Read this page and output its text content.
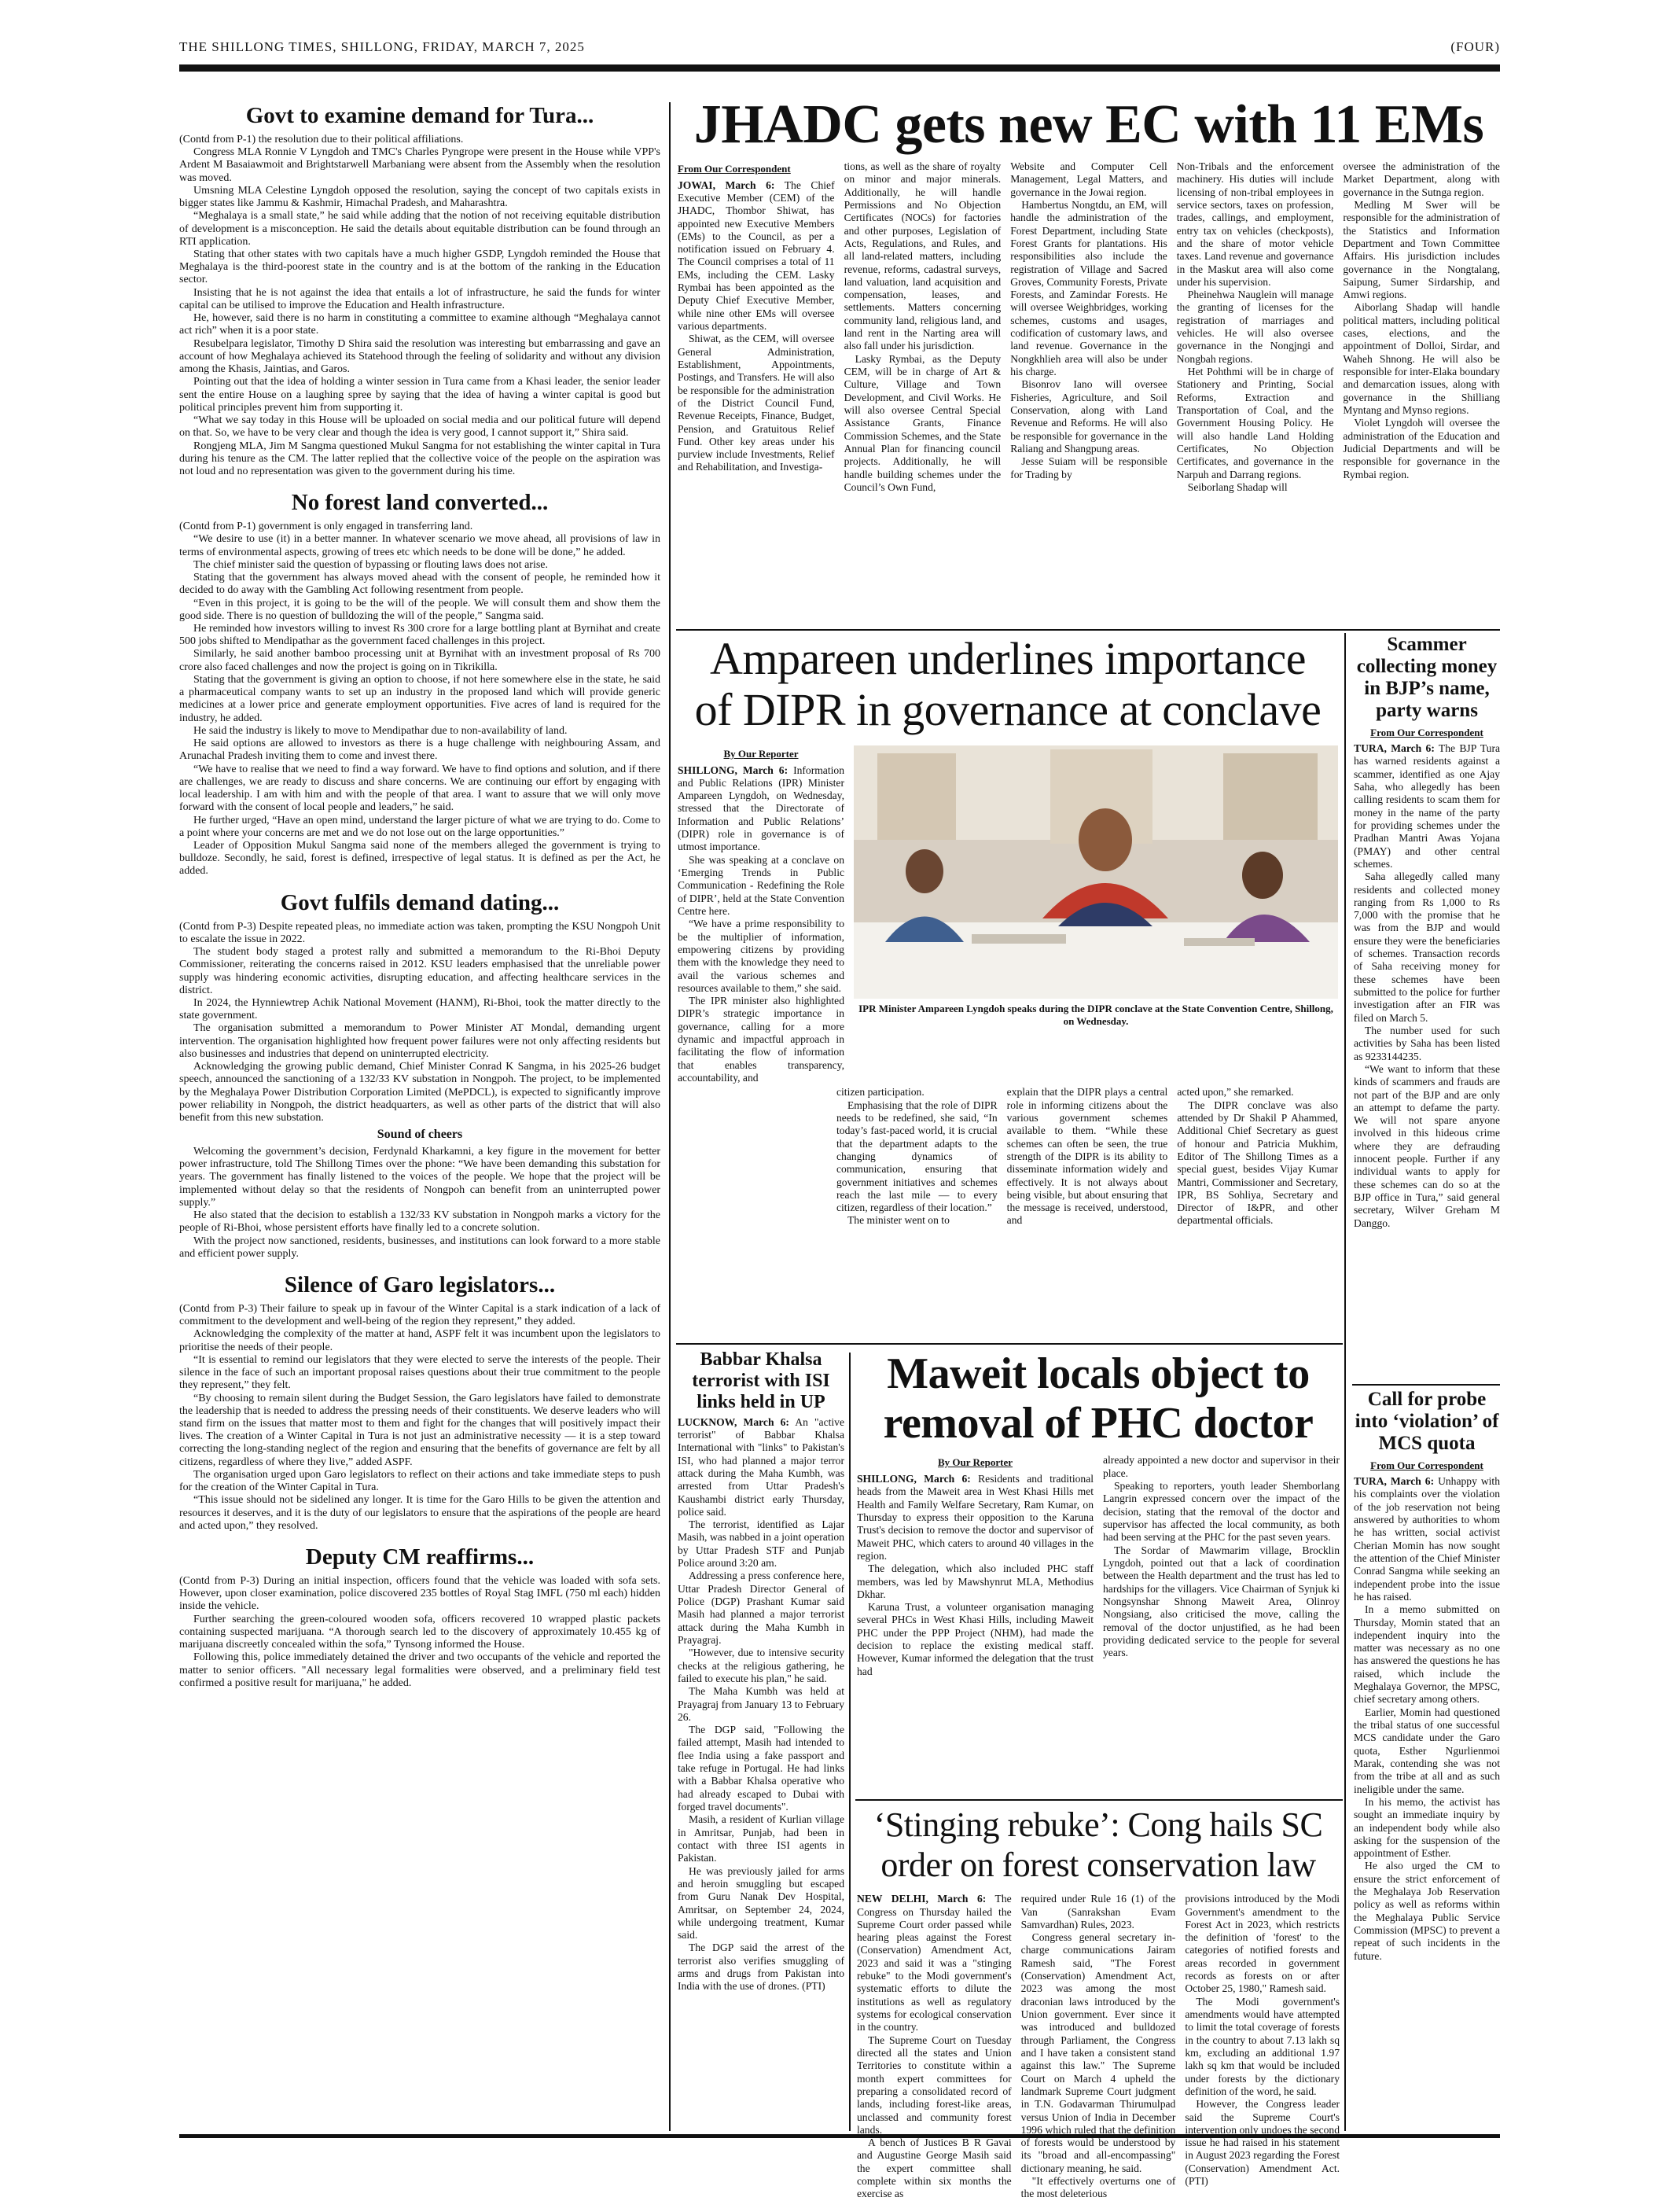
THE SHILLONG TIMES, SHILLONG, FRIDAY, MARCH 7, 2025	(FOUR)
Govt to examine demand for Tura...

(Contd from P-1) the resolution due to their political affiliations.

Congress MLA Ronnie V Lyngdoh and TMC's Charles Pyngrope were present in the House while VPP's Ardent M Basaiawmoit and Brightstarwell Marbaniang were absent from the Assembly when the resolution was moved.

Umsning MLA Celestine Lyngdoh opposed the resolution, saying the concept of two capitals exists in bigger states like Jammu & Kashmir, Himachal Pradesh, and Maharashtra.

“Meghalaya is a small state,” he said while adding that the notion of not receiving equitable distribution of development is a misconception. He said the details about equitable distribution can be found through an RTI application.

Stating that other states with two capitals have a much higher GSDP, Lyngdoh reminded the House that Meghalaya is the third-poorest state in the country and is at the bottom of the ranking in the Education sector.

Insisting that he is not against the idea that entails a lot of infrastructure, he said the funds for winter capital can be utilised to improve the Education and Health infrastructure.

He, however, said there is no harm in constituting a committee to examine although “Meghalaya cannot act rich” when it is a poor state.

Resubelpara legislator, Timothy D Shira said the resolution was interesting but embarrassing and gave an account of how Meghalaya achieved its Statehood through the feeling of solidarity and without any division among the Khasis, Jaintias, and Garos.

Pointing out that the idea of holding a winter session in Tura came from a Khasi leader, the senior leader sent the entire House on a laughing spree by saying that the idea of having a winter capital is good but political principles prevent him from supporting it.

“What we say today in this House will be uploaded on social media and our political future will depend on that. So, we have to be very clear and though the idea is very good, I cannot support it,” Shira said.

Rongjeng MLA, Jim M Sangma questioned Mukul Sangma for not establishing the winter capital in Tura during his tenure as the CM. The latter replied that the collective voice of the people on the aspiration was not loud and no representation was given to the government during his time.

No forest land converted...

(Contd from P-1) government is only engaged in transferring land.

“We desire to use (it) in a better manner. In whatever scenario we move ahead, all provisions of law in terms of environmental aspects, growing of trees etc which needs to be done will be done,” he added.

The chief minister said the question of bypassing or flouting laws does not arise.

Stating that the government has always moved ahead with the consent of people, he reminded how it decided to do away with the Gambling Act following resentment from people.

“Even in this project, it is going to be the will of the people. We will consult them and show them the good side. There is no question of bulldozing the will of the people,” Sangma said.

He reminded how investors willing to invest Rs 300 crore for a large bottling plant at Byrnihat and create 500 jobs shifted to Mendipathar as the government faced challenges in this project.

Similarly, he said another bamboo processing unit at Byrnihat with an investment proposal of Rs 700 crore also faced challenges and now the project is going on in Tikrikilla.

Stating that the government is giving an option to choose, if not here somewhere else in the state, he said a pharmaceutical company wants to set up an industry in the proposed land which will provide generic medicines at a lower price and generate employment opportunities. Five acres of land is required for the industry, he added.

He said the industry is likely to move to Mendipathar due to non-availability of land.

He said options are allowed to investors as there is a huge challenge with neighbouring Assam, and Arunachal Pradesh inviting them to come and invest there.

“We have to realise that we need to find a way forward. We have to find options and solution, and if there are challenges, we are ready to discuss and share concerns. We are continuing our effort by engaging with local leadership. I am with him and with the people of that area. I want to assure that we will only move forward with the consent of local people and leaders,” he said.

He further urged, “Have an open mind, understand the larger picture of what we are trying to do. Come to a point where your concerns are met and we do not lose out on the large opportunities.”

Leader of Opposition Mukul Sangma said none of the members alleged the government is trying to bulldoze. Secondly, he said, forest is defined, irrespective of legal status. It is defined as per the Act, he added.

Govt fulfils demand dating...

(Contd from P-3) Despite repeated pleas, no immediate action was taken, prompting the KSU Nongpoh Unit to escalate the issue in 2022.

The student body staged a protest rally and submitted a memorandum to the Ri-Bhoi Deputy Commissioner, reiterating the concerns raised in 2012. KSU leaders emphasised that the unreliable power supply was hindering economic activities, disrupting education, and affecting healthcare services in the district.

In 2024, the Hynniewtrep Achik National Movement (HANM), Ri-Bhoi, took the matter directly to the state government.

The organisation submitted a memorandum to Power Minister AT Mondal, demanding urgent intervention. The organisation highlighted how frequent power failures were not only affecting residents but also businesses and industries that depend on uninterrupted electricity.

Acknowledging the growing public demand, Chief Minister Conrad K Sangma, in his 2025-26 budget speech, announced the sanctioning of a 132/33 KV substation in Nongpoh. The project, to be implemented by the Meghalaya Power Distribution Corporation Limited (MePDCL), is expected to significantly improve power reliability in Nongpoh, the district headquarters, as well as other parts of the district that will also benefit from this new substation.

Sound of cheers

Welcoming the government’s decision, Ferdynald Kharkamni, a key figure in the movement for better power infrastructure, told The Shillong Times over the phone: “We have been demanding this substation for years. The government has finally listened to the voices of the people. We hope that the project will be implemented without delay so that the residents of Nongpoh can benefit from an uninterrupted power supply.”

He also stated that the decision to establish a 132/33 KV substation in Nongpoh marks a victory for the people of Ri-Bhoi, whose persistent efforts have finally led to a concrete solution.

With the project now sanctioned, residents, businesses, and institutions can look forward to a more stable and efficient power supply.

Silence of Garo legislators...

(Contd from P-3) Their failure to speak up in favour of the Winter Capital is a stark indication of a lack of commitment to the development and well-being of the region they represent,” they added.

Acknowledging the complexity of the matter at hand, ASPF felt it was incumbent upon the legislators to prioritise the needs of their people.

“It is essential to remind our legislators that they were elected to serve the interests of the people. Their silence in the face of such an important proposal raises questions about their true commitment to the people they represent,” they felt.

“By choosing to remain silent during the Budget Session, the Garo legislators have failed to demonstrate the leadership that is needed to address the pressing needs of their constituents. We deserve leaders who will stand firm on the issues that matter most to them and fight for the changes that will positively impact their lives. The creation of a Winter Capital in Tura is not just an administrative necessity — it is a step toward correcting the long-standing neglect of the region and ensuring that the benefits of governance are felt by all citizens, regardless of where they live,” added ASPF.

The organisation urged upon Garo legislators to reflect on their actions and take immediate steps to push for the creation of the Winter Capital in Tura.

“This issue should not be sidelined any longer. It is time for the Garo Hills to be given the attention and resources it deserves, and it is the duty of our legislators to ensure that the aspirations of the people are heard and acted upon,” they resolved.

Deputy CM reaffirms...

(Contd from P-3) During an initial inspection, officers found that the vehicle was loaded with sofa sets. However, upon closer examination, police discovered 235 bottles of Royal Stag IMFL (750 ml each) hidden inside the vehicle.

Further searching the green-coloured wooden sofa, officers recovered 10 wrapped plastic packets containing suspected marijuana. “A thorough search led to the discovery of approximately 10.455 kg of marijuana discreetly concealed within the sofa,” Tynsong informed the House.

Following this, police immediately detained the driver and two occupants of the vehicle and reported the matter to senior officers. "All necessary legal formalities were observed, and a preliminary field test confirmed a positive result for marijuana," he added.

JHADC gets new EC with 11 EMs
From Our Correspondent

JOWAI, March 6: The Chief Executive Member (CEM) of the JHADC, Thombor Shiwat, has appointed new Executive Members (EMs) to the Council, as per a notification issued on February 4. The Council comprises a total of 11 EMs, including the CEM. Lasky Rymbai has been appointed as the Deputy Chief Executive Member, while nine other EMs will oversee various departments.

Shiwat, as the CEM, will oversee General Administration, Establishment, Appointments, Postings, and Transfers. He will also be responsible for the administration of the District Council Fund, Revenue Receipts, Finance, Budget, Pension, and Gratuitous Relief Fund. Other key areas under his purview include Investments, Relief and Rehabilitation, and Investiga-

tions, as well as the share of royalty on minor and major minerals. Additionally, he will handle Permissions and No Objection Certificates (NOCs) for factories and other purposes, Legislation of Acts, Regulations, and Rules, and all land-related matters, including revenue, reforms, cadastral surveys, land valuation, land acquisition and compensation, leases, and settlements. Matters concerning community land, religious land, and land rent in the Narting area will also fall under his jurisdiction.

Lasky Rymbai, as the Deputy CEM, will be in charge of Art & Culture, Village and Town Development, and Civil Works. He will also oversee Central Special Assistance Grants, Finance Commission Schemes, and the State Annual Plan for financing council projects. Additionally, he will handle building schemes under the Council’s Own Fund,

Website and Computer Cell Management, Legal Matters, and governance in the Jowai region.

Hambertus Nongtdu, an EM, will handle the administration of the Forest Department, including State Forest Grants for plantations. His responsibilities also include the registration of Village and Sacred Groves, Community Forests, Private Forests, and Zamindar Forests. He will oversee Weighbridges, working schemes, customs and usages, codification of customary laws, and land revenue. Governance in the Nongkhlieh area will also be under his charge.

Bisonrov Iano will oversee Fisheries, Agriculture, and Soil Conservation, along with Land Revenue and Reforms. He will also be responsible for governance in the Raliang and Shangpung areas.

Jesse Suiam will be responsible for Trading by

Non-Tribals and the enforcement machinery. His duties will include licensing of non-tribal employees in service sectors, taxes on profession, trades, callings, and employment, entry tax on vehicles (checkposts), and the share of motor vehicle taxes. Land revenue and governance in the Maskut area will also come under his supervision.

Pheinehwa Nauglein will manage the granting of licenses for the registration of marriages and vehicles. He will also oversee governance in the Nongjngi and Nongbah regions.

Het Pohthmi will be in charge of Stationery and Printing, Social Reforms, Extraction and Transportation of Coal, and the Government Housing Policy. He will also handle Land Holding Certificates, No Objection Certificates, and governance in the Narpuh and Darrang regions.

Seiborlang Shadap will

oversee the administration of the Market Department, along with governance in the Sutnga region.

Medling M Swer will be responsible for the administration of the Statistics and Information Department and Town Committee Affairs. His jurisdiction includes governance in the Nongtalang, Saipung, Sumer Sirdarship, and Amwi regions.

Aiborlang Shadap will handle political matters, including political cases, elections, and the appointment of Dolloi, Sirdar, and Waheh Shnong. He will also be responsible for inter-Elaka boundary and demarcation issues, along with governance in the Shilliang Myntang and Mynso regions.

Violet Lyngdoh will oversee the administration of the Education and Judicial Departments and will be responsible for governance in the Rymbai region.

Ampareen underlines importance of DIPR in governance at conclave
By Our Reporter

SHILLONG, March 6: Information and Public Relations (IPR) Minister Ampareen Lyngdoh, on Wednesday, stressed that the Directorate of Information and Public Relations’ (DIPR) role in governance is of utmost importance.

She was speaking at a conclave on ‘Emerging Trends in Public Communication - Redefining the Role of DIPR’, held at the State Convention Centre here.

“We have a prime responsibility to be the multiplier of information, empowering citizens by providing them with the knowledge they need to avail the various schemes and resources available to them,” she said.

The IPR minister also highlighted DIPR’s strategic importance in governance, calling for a more dynamic and impactful approach in facilitating the flow of information that enables transparency, accountability, and

IPR Minister Ampareen Lyngdoh speaks during the DIPR conclave at the State Convention Centre, Shillong, on Wednesday.

citizen participation.

Emphasising that the role of DIPR needs to be redefined, she said, “In today’s fast-paced world, it is crucial that the department adapts to the changing dynamics of communication, ensuring that government initiatives and schemes reach the last mile — to every citizen, regardless of their location.”

The minister went on to

explain that the DIPR plays a central role in informing citizens about the various government schemes available to them. “While these schemes can often be seen, the true strength of the DIPR is its ability to disseminate information widely and effectively. It is not always about being visible, but about ensuring that the message is received, understood, and

acted upon,” she remarked.

The DIPR conclave was also attended by Dr Shakil P Ahammed, Additional Chief Secretary as guest of honour and Patricia Mukhim, Editor of The Shillong Times as a special guest, besides Vijay Kumar Mantri, Commissioner and Secretary, IPR, BS Sohliya, Secretary and Director of I&PR, and other departmental officials.

Scammer collecting money in BJP’s name, party warns
From Our Correspondent

TURA, March 6: The BJP Tura has warned residents against a scammer, identified as one Ajay Saha, who allegedly has been calling residents to scam them for money in the name of the party for providing schemes under the Pradhan Mantri Awas Yojana (PMAY) and other central schemes.

Saha allegedly called many residents and collected money ranging from Rs 1,000 to Rs 7,000 with the promise that he was from the BJP and would ensure they were the beneficiaries of schemes. Transaction records of Saha receiving money for these schemes have been submitted to the police for further investigation after an FIR was filed on March 5.

The number used for such activities by Saha has been listed as 9233144235.

“We want to inform that these kinds of scammers and frauds are not part of the BJP and are only an attempt to defame the party. We will not spare anyone involved in this hideous crime where they are defrauding innocent people. Further if any individual wants to apply for these schemes can do so at the BJP office in Tura,” said general secretary, Wilver Greham M Danggo.

Babbar Khalsa terrorist with ISI links held in UP

LUCKNOW, March 6: An "active terrorist" of Babbar Khalsa International with "links" to Pakistan's ISI, who had planned a major terror attack during the Maha Kumbh, was arrested from Uttar Pradesh's Kaushambi district early Thursday, police said.

The terrorist, identified as Lajar Masih, was nabbed in a joint operation by Uttar Pradesh STF and Punjab Police around 3:20 am.

Addressing a press conference here, Uttar Pradesh Director General of Police (DGP) Prashant Kumar said Masih had planned a major terrorist attack during the Maha Kumbh in Prayagraj.

"However, due to intensive security checks at the religious gathering, he failed to execute his plan," he said.

The Maha Kumbh was held at Prayagraj from January 13 to February 26.

The DGP said, "Following the failed attempt, Masih had intended to flee India using a fake passport and take refuge in Portugal. He had links with a Babbar Khalsa operative who had already escaped to Dubai with forged travel documents".

Masih, a resident of Kurlian village in Amritsar, Punjab, had been in contact with three ISI agents in Pakistan.

He was previously jailed for arms and heroin smuggling but escaped from Guru Nanak Dev Hospital, Amritsar, on September 24, 2024, while undergoing treatment, Kumar said.

The DGP said the arrest of the terrorist also verifies smuggling of arms and drugs from Pakistan into India with the use of drones. (PTI)

Maweit locals object to removal of PHC doctor
By Our Reporter

SHILLONG, March 6: Residents and traditional heads from the Maweit area in West Khasi Hills met Health and Family Welfare Secretary, Ram Kumar, on Thursday to express their opposition to the Karuna Trust's decision to remove the doctor and supervisor of Maweit PHC, which caters to around 40 villages in the region.

The delegation, which also included PHC staff members, was led by Mawshynrut MLA, Methodius Dkhar.

Karuna Trust, a volunteer organisation managing several PHCs in West Khasi Hills, including Maweit PHC under the PPP Project (NHM), had made the decision to replace the existing medical staff. However, Kumar informed the delegation that the trust had

already appointed a new doctor and supervisor in their place.

Speaking to reporters, youth leader Shemborlang Langrin expressed concern over the impact of the decision, stating that the removal of the doctor and supervisor has affected the local community, as both had been serving at the PHC for the past seven years.

The Sordar of Mawmarim village, Brocklin Lyngdoh, pointed out that a lack of coordination between the Health department and the trust has led to hardships for the villagers. Vice Chairman of Synjuk ki Nongsynshar Shnong Maweit Area, Olinroy Nongsiang, also criticised the move, calling the removal of the doctor unjustified, as he had been providing dedicated service to the people for several years.

Call for probe into ‘violation’ of MCS quota
From Our Correspondent

TURA, March 6: Unhappy with his complaints over the violation of the job reservation not being answered by authorities to whom he has written, social activist Cherian Momin has now sought the attention of the Chief Minister Conrad Sangma while seeking an independent probe into the issue he has raised.

In a memo submitted on Thursday, Momin stated that an independent inquiry into the matter was necessary as no one has answered the questions he has raised, which include the Meghalaya Governor, the MPSC, chief secretary among others.

Earlier, Momin had questioned the tribal status of one successful MCS candidate under the Garo quota, Esther Ngurlienmoi Marak, contending she was not from the tribe at all and as such ineligible under the same.

In his memo, the activist has sought an immediate inquiry by an independent body while also asking for the suspension of the appointment of Esther.

He also urged the CM to ensure the strict enforcement of the Meghalaya Job Reservation policy as well as reforms within the Meghalaya Public Service Commission (MPSC) to prevent a repeat of such incidents in the future.

‘Stinging rebuke’: Cong hails SC order on forest conservation law

NEW DELHI, March 6: The Congress on Thursday hailed the Supreme Court order passed while hearing pleas against the Forest (Conservation) Amendment Act, 2023 and said it was a "stinging rebuke" to the Modi government's systematic efforts to dilute the institutions as well as regulatory systems for ecological conservation in the country.

The Supreme Court on Tuesday directed all the states and Union Territories to constitute within a month expert committees for preparing a consolidated record of lands, including forest-like areas, unclassed and community forest lands.

A bench of Justices B R Gavai and Augustine George Masih said the expert committee shall complete within six months the exercise as

required under Rule 16 (1) of the Van (Sanrakshan Evam Samvardhan) Rules, 2023.

Congress general secretary in-charge communications Jairam Ramesh said, "The Forest (Conservation) Amendment Act, 2023 was among the most draconian laws introduced by the Union government. Ever since it was introduced and bulldozed through Parliament, the Congress and I have taken a consistent stand against this law." The Supreme Court on March 4 upheld the landmark Supreme Court judgment in T.N. Godavarman Thirumulpad versus Union of India in December 1996 which ruled that the definition of forests would be understood by its "broad and all-encompassing" dictionary meaning, he said.

"It effectively overturns one of the most deleterious

provisions introduced by the Modi Government's amendment to the Forest Act in 2023, which restricts the definition of 'forest' to the categories of notified forests and areas recorded in government records as forests on or after October 25, 1980," Ramesh said.

The Modi government's amendments would have attempted to limit the total coverage of forests in the country to about 7.13 lakh sq km, excluding an additional 1.97 lakh sq km that would be included under forests by the dictionary definition of the word, he said.

However, the Congress leader said the Supreme Court's intervention only undoes the second issue he had raised in his statement in August 2023 regarding the Forest (Conservation) Amendment Act. (PTI)
